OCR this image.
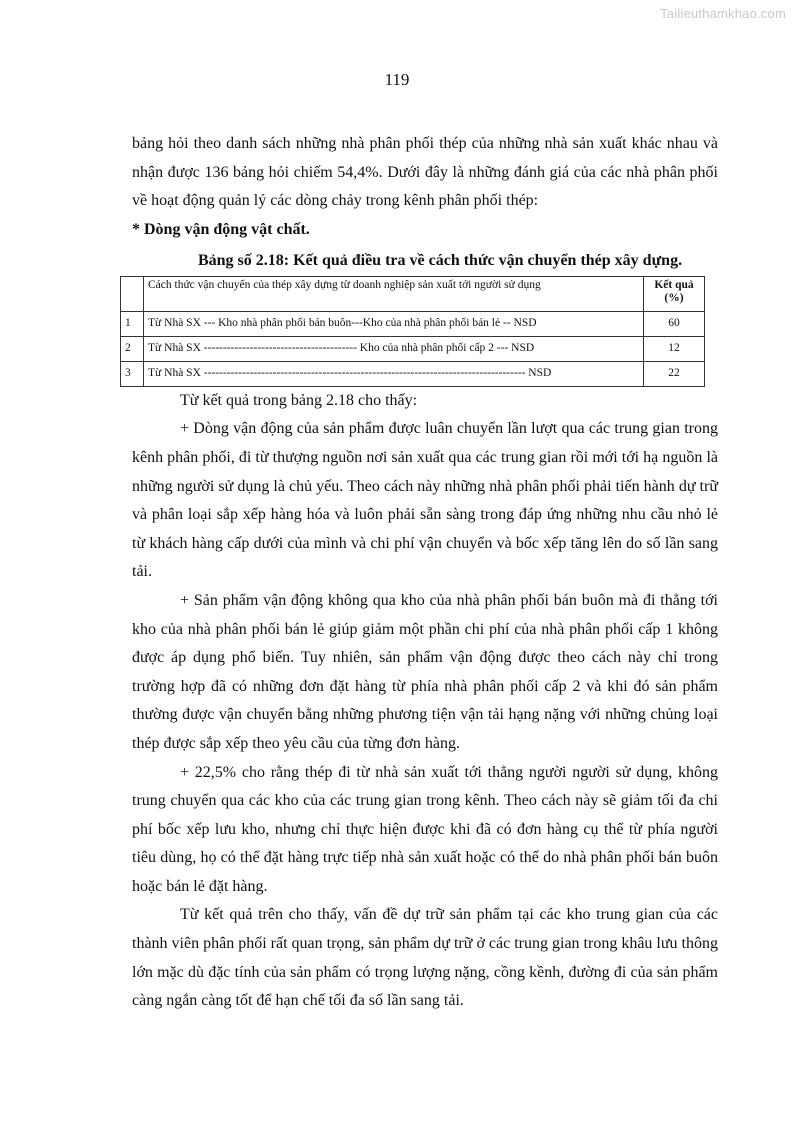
Tailieuthamkhao.com
119

bảng hỏi theo danh sách những nhà phân phối thép của những nhà sản xuất khác nhau và nhận được 136 bảng hỏi chiếm 54,4%. Dưới đây là những đánh giá của các nhà phân phối về hoạt động quản lý các dòng chảy trong kênh phân phối thép:

* Dòng vận động vật chất.
Bảng số 2.18: Kết quả điều tra về cách thức vận chuyển thép xây dựng.
	Cách thức vận chuyển của thép xây dựng từ doanh nghiệp sản xuất tới người sử dụng	Kết quả (%)
1	Từ Nhà SX --- Kho nhà phân phối bán buôn---Kho của nhà phân phối bán lẻ -- NSD	60
2	Từ Nhà SX ---------------------------------------- Kho của nhà phân phối cấp 2 --- NSD	12
3	Từ Nhà SX ------------------------------------------------------------------------------------ NSD	22

Từ kết quả trong bảng 2.18 cho thấy:

+ Dòng vận động của sản phẩm được luân chuyển lần lượt qua các trung gian trong kênh phân phối, đi từ thượng nguồn nơi sản xuất qua các trung gian rồi mới tới hạ nguồn là những người sử dụng là chủ yếu. Theo cách này những nhà phân phối phải tiến hành dự trữ và phân loại sắp xếp hàng hóa và luôn phải sẵn sàng trong đáp ứng những nhu cầu nhỏ lẻ từ khách hàng cấp dưới của mình và chi phí vận chuyển và bốc xếp tăng lên do số lần sang tải.

+ Sản phẩm vận động không qua kho của nhà phân phối bán buôn mà đi thẳng tới kho của nhà phân phối bán lẻ giúp giảm một phần chi phí của nhà phân phối cấp 1 không được áp dụng phổ biến. Tuy nhiên, sản phẩm vận động được theo cách này chỉ trong trường hợp đã có những đơn đặt hàng từ phía nhà phân phối cấp 2 và khi đó sản phẩm thường được vận chuyển bằng những phương tiện vận tải hạng nặng với những chủng loại thép được sắp xếp theo yêu cầu của từng đơn hàng.

+ 22,5% cho rằng thép đi từ nhà sản xuất tới thẳng người người sử dụng, không trung chuyển qua các kho của các trung gian trong kênh. Theo cách này sẽ giảm tối đa chi phí bốc xếp lưu kho, nhưng chỉ thực hiện được khi đã có đơn hàng cụ thể từ phía người tiêu dùng, họ có thể đặt hàng trực tiếp nhà sản xuất hoặc có thể do nhà phân phối bán buôn hoặc bán lẻ đặt hàng.

Từ kết quả trên cho thấy, vấn đề dự trữ sản phẩm tại các kho trung gian của các thành viên phân phối rất quan trọng, sản phẩm dự trữ ở các trung gian trong khâu lưu thông lớn mặc dù đặc tính của sản phẩm có trọng lượng nặng, cồng kềnh, đường đi của sản phẩm càng ngắn càng tốt để hạn chế tối đa số lần sang tải.
